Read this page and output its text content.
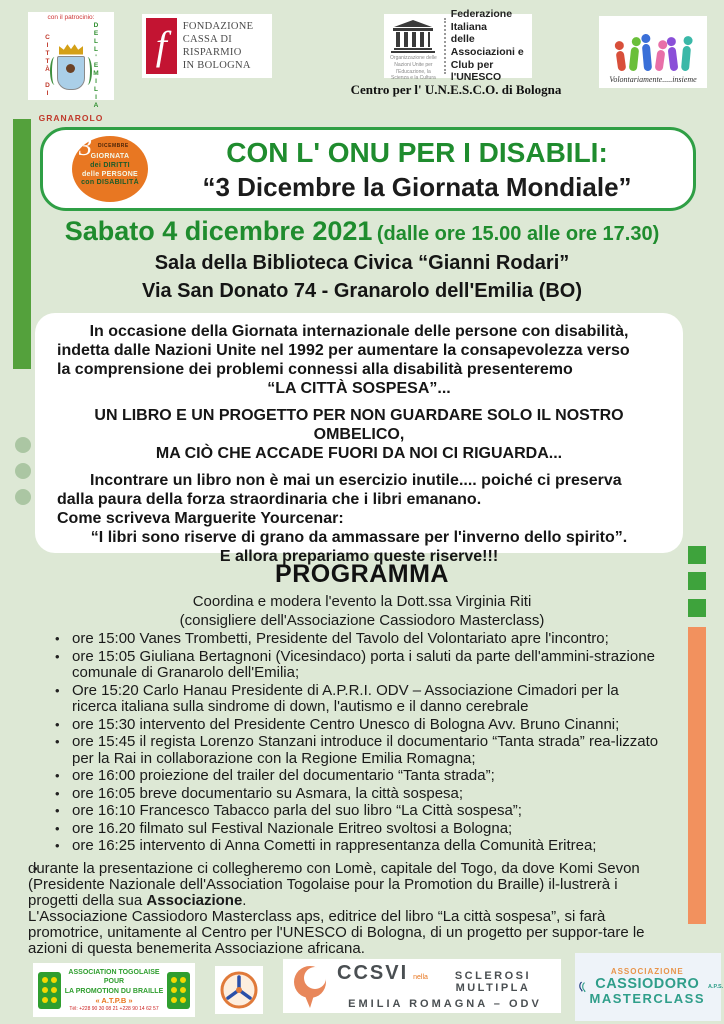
con il patrocinio:
CITTÀ DI	DELL'EMILIA
GRANAROLO
f	FONDAZIONE
CASSA DI RISPARMIO
IN BOLOGNA
Organizzazione delle Nazioni Unite per l'Educazione, la Scienza e la Cultura
Federazione Italiana
delle Associazioni e
Club per l'UNESCO
Centro per l' U.N.E.S.C.O. di Bologna
Volontariamente.....insieme
3 DICEMBRE
GIORNATA
dei DIRITTI
delle PERSONE
con DISABILITÀ
CON L' ONU PER I DISABILI:
“3 Dicembre la Giornata Mondiale”
Sabato 4 dicembre 2021 (dalle ore 15.00 alle ore 17.30)
Sala della Biblioteca Civica “Gianni Rodari”
Via San Donato 74 - Granarolo dell'Emilia (BO)
In occasione della Giornata internazionale delle persone con disabilità,
indetta dalle Nazioni Unite nel 1992 per aumentare la consapevolezza verso
la comprensione dei problemi connessi alla disabilità presenteremo
“LA CITTÀ SOSPESA”...
UN LIBRO E UN PROGETTO PER NON GUARDARE SOLO IL NOSTRO OMBELICO,
MA CIÒ CHE ACCADE FUORI DA NOI CI RIGUARDA...
Incontrare un libro non è mai un esercizio inutile.... poiché ci preserva
dalla paura della forza straordinaria che i libri emanano.
Come scriveva Marguerite Yourcenar:
“I libri sono riserve di grano da ammassare per l'inverno dello spirito”.
E allora prepariamo queste riserve!!!
PROGRAMMA
Coordina e modera l'evento la Dott.ssa Virginia Riti
(consigliere dell'Associazione Cassiodoro Masterclass)
• ore 15:00 Vanes Trombetti, Presidente del Tavolo del Volontariato apre l'incontro;
• ore 15:05 Giuliana Bertagnoni (Vicesindaco) porta i saluti da parte dell'ammini-strazione comunale di Granarolo dell'Emilia;
• Ore 15:20 Carlo Hanau Presidente di A.P.R.I. ODV – Associazione Cimadori per la ricerca italiana sulla sindrome di down, l'autismo e il danno cerebrale
• ore 15:30 intervento del Presidente Centro Unesco di Bologna Avv. Bruno Cinanni;
• ore 15:45 il regista Lorenzo Stanzani introduce il documentario “Tanta strada” rea-lizzato per la Rai in collaborazione con la Regione Emilia Romagna;
• ore 16:00 proiezione del trailer del documentario “Tanta strada”;
• ore 16:05 breve documentario su Asmara, la città sospesa;
• ore 16:10 Francesco Tabacco parla del suo libro “La Città sospesa”;
• ore 16.20 filmato sul Festival Nazionale Eritreo svoltosi a Bologna;
• ore 16:25 intervento di Anna Cometti in rappresentanza della Comunità Eritrea;
• durante la presentazione ci collegheremo con Lomè, capitale del Togo, da dove Komi Sevon (Presidente Nazionale dell'Association Togolaise pour la Promotion du Braille) il-lustrerà i progetti della sua Associazione.
L'Associazione Cassiodoro Masterclass aps, editrice del libro “La città sospesa”, si farà promotrice, unitamente al Centro per l'UNESCO di Bologna, di un progetto per suppor-tare le azioni di questa benemerita Associazione africana.
ASSOCIATION TOGOLAISE POUR
LA PROMOTION DU BRAILLE
« A.T.P.B »
Tél: +228 90 30 08 21 +228 90 14 62 57
CCSVI nella	SCLEROSI MULTIPLA
EMILIA ROMAGNA – ODV
ASSOCIAZIONE
CASSIODORO
MASTERCLASS
A.P.S.
